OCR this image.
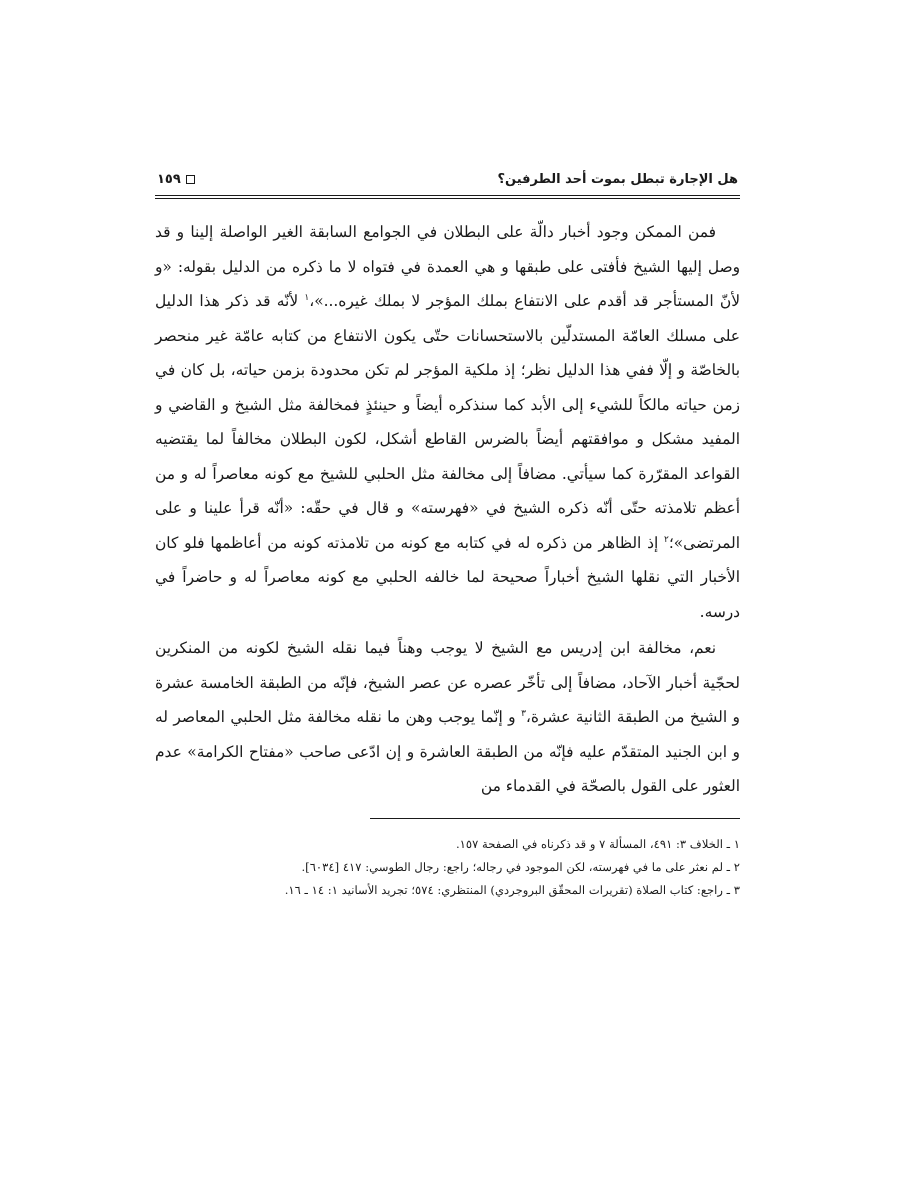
هل الإجارة تبطل بموت أحد الطرفين؟
١٥٩

فمن الممكن وجود أخبار دالّة على البطلان في الجوامع السابقة الغير الواصلة إلينا و قد وصل إليها الشيخ فأفتى على طبقها و هي العمدة في فتواه لا ما ذكره من الدليل بقوله: «و لأنّ المستأجر قد أقدم على الانتفاع بملك المؤجر لا بملك غيره...»،$^١$ لأنّه قد ذكر هذا الدليل على مسلك العامّة المستدلّين بالاستحسانات حتّى يكون الانتفاع من كتابه عامّة غير منحصر بالخاصّة و إلّا ففي هذا الدليل نظر؛ إذ ملكية المؤجر لم تكن محدودة بزمن حياته، بل كان في زمن حياته مالكاً للشيء إلى الأبد كما سنذكره أيضاً و حينئذٍ فمخالفة مثل الشيخ و القاضي و المفيد مشكل و موافقتهم أيضاً بالضرس القاطع أشكل، لكون البطلان مخالفاً لما يقتضيه القواعد المقرّرة كما سيأتي. مضافاً إلى مخالفة مثل الحلبي للشيخ مع كونه معاصراً له و من أعظم تلامذته حتّى أنّه ذكره الشيخ في «فهرسته» و قال في حقّه: «أنّه قرأ علينا و على المرتضى»؛$^٢$ إذ الظاهر من ذكره له في كتابه مع كونه من تلامذته كونه من أعاظمها فلو كان الأخبار التي نقلها الشيخ أخباراً صحيحة لما خالفه الحلبي مع كونه معاصراً له و حاضراً في درسه.

نعم، مخالفة ابن إدريس مع الشيخ لا يوجب وهناً فيما نقله الشيخ لكونه من المنكرين لحجّية أخبار الآحاد، مضافاً إلى تأخّر عصره عن عصر الشيخ، فإنّه من الطبقة الخامسة عشرة و الشيخ من الطبقة الثانية عشرة،$^٣$ و إنّما يوجب وهن ما نقله مخالفة مثل الحلبي المعاصر له و ابن الجنيد المتقدّم عليه فإنّه من الطبقة العاشرة و إن ادّعى صاحب «مفتاح الكرامة» عدم العثور على القول بالصحّة في القدماء من

١ ـ الخلاف ٣: ٤٩١، المسألة ٧ و قد ذكرناه في الصفحة ١٥٧.

٢ ـ لم نعثر على ما في فهرسته، لكن الموجود في رجاله؛ راجع: رجال الطوسي: ٤١٧ [٦٠٣٤].

٣ ـ راجع: كتاب الصلاة (تقريرات المحقّق البروجردي) المنتظري: ٥٧٤؛ تجريد الأسانيد ١: ١٤ ـ ١٦.
